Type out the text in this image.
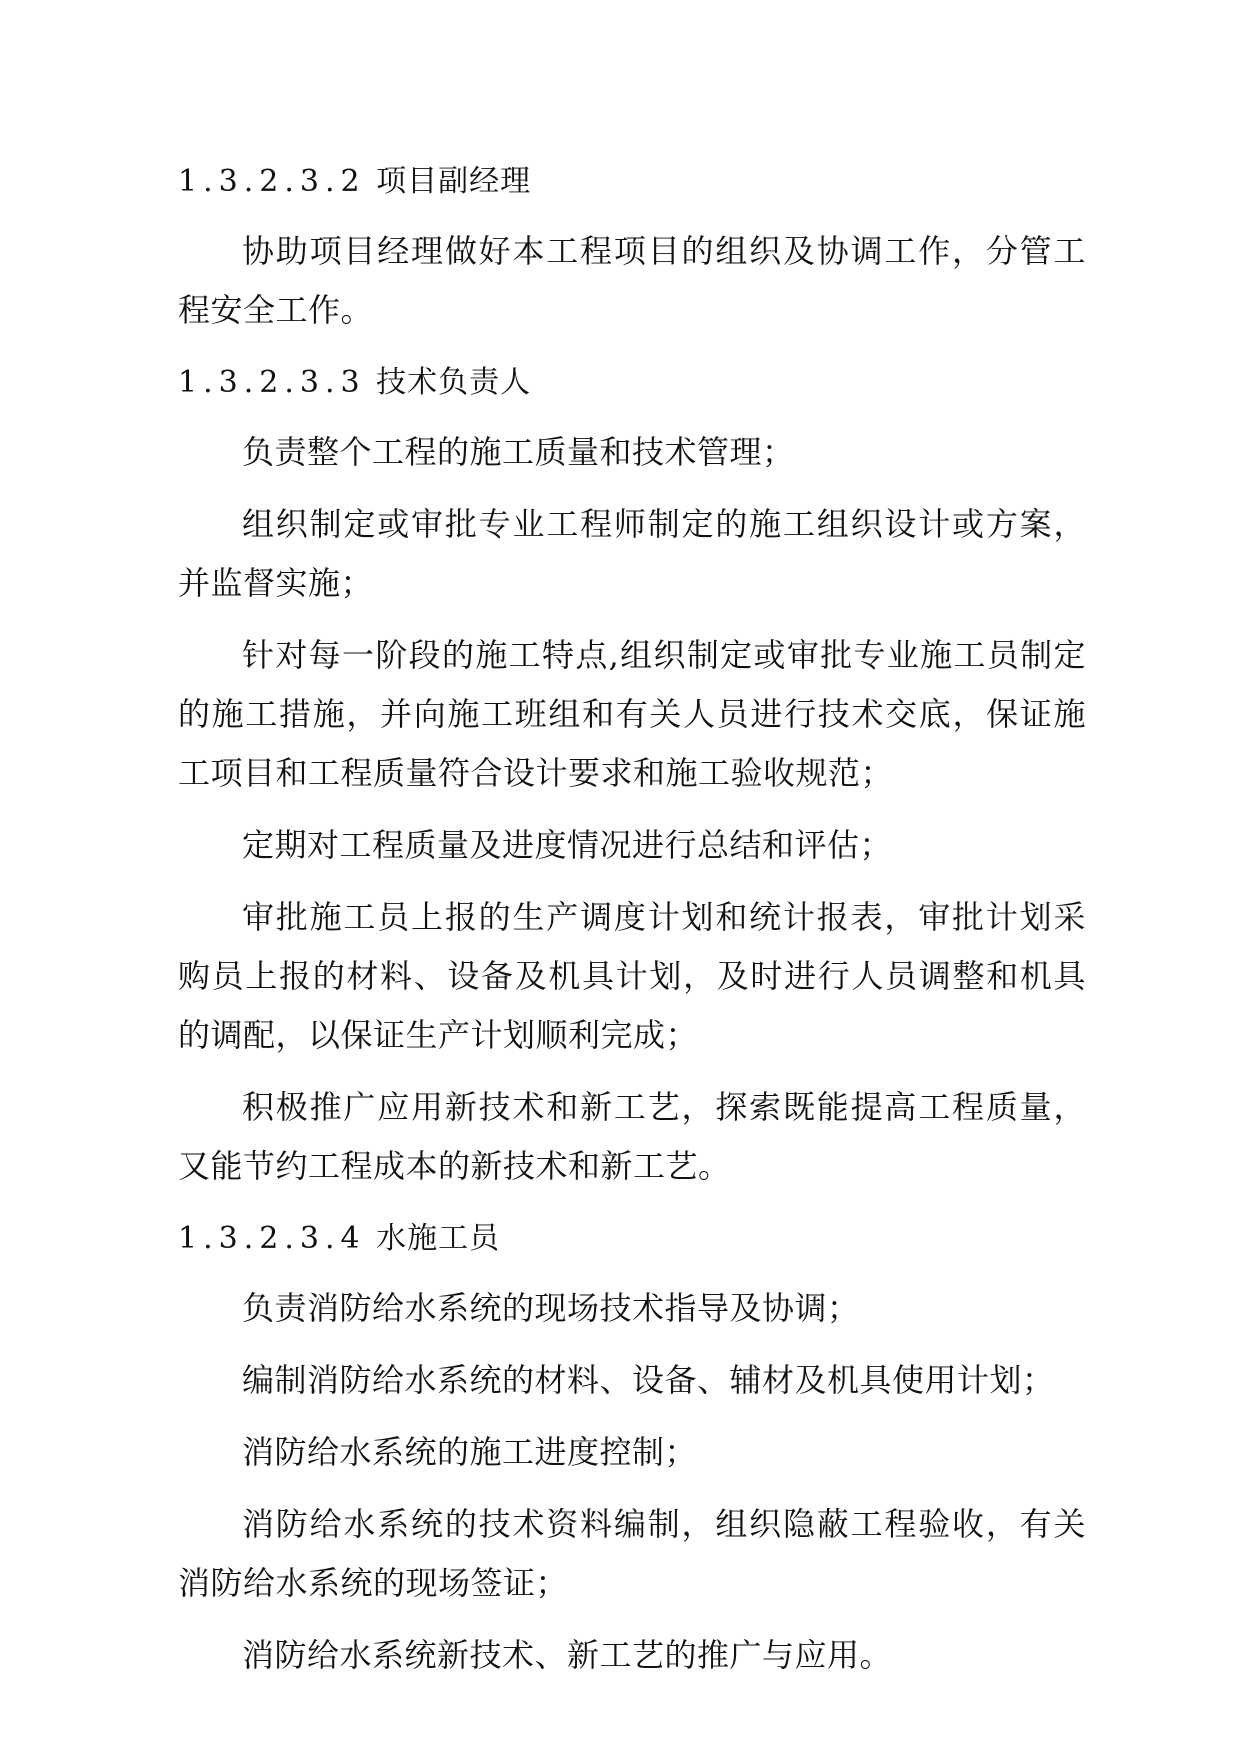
1.3.2.3.2 项目副经理

协助项目经理做好本工程项目的组织及协调工作，分管工程安全工作。

1.3.2.3.3 技术负责人

负责整个工程的施工质量和技术管理；

组织制定或审批专业工程师制定的施工组织设计或方案，并监督实施；

针对每一阶段的施工特点,组织制定或审批专业施工员制定的施工措施，并向施工班组和有关人员进行技术交底，保证施工项目和工程质量符合设计要求和施工验收规范；

定期对工程质量及进度情况进行总结和评估；

审批施工员上报的生产调度计划和统计报表，审批计划采购员上报的材料、设备及机具计划，及时进行人员调整和机具的调配，以保证生产计划顺利完成；

积极推广应用新技术和新工艺，探索既能提高工程质量，又能节约工程成本的新技术和新工艺。

1.3.2.3.4 水施工员

负责消防给水系统的现场技术指导及协调；

编制消防给水系统的材料、设备、辅材及机具使用计划；

消防给水系统的施工进度控制；

消防给水系统的技术资料编制，组织隐蔽工程验收，有关消防给水系统的现场签证；

消防给水系统新技术、新工艺的推广与应用。
